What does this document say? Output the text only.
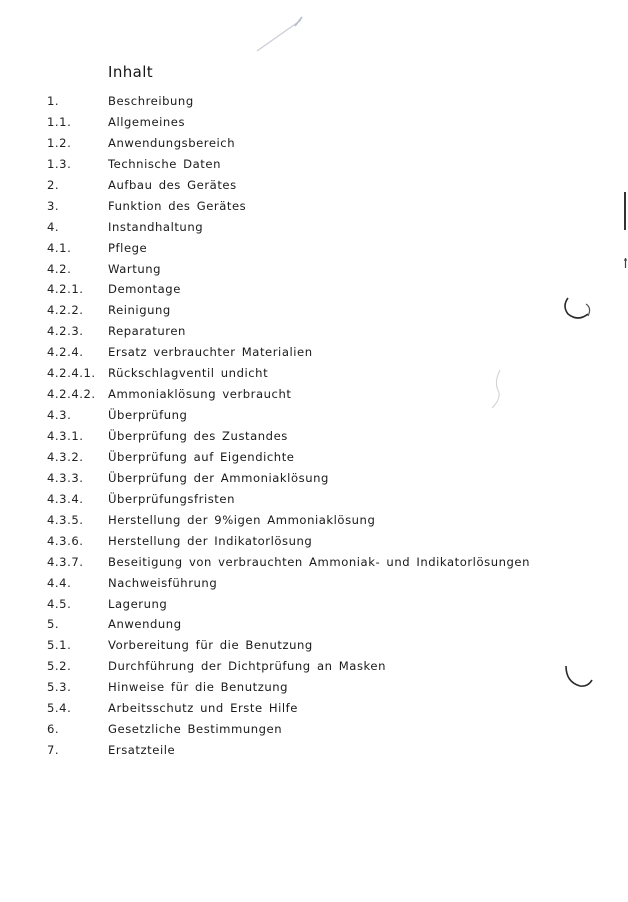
Inhalt
1.	Beschreibung
1.1.	Allgemeines
1.2.	Anwendungsbereich
1.3.	Technische Daten
2.	Aufbau des Gerätes
3.	Funktion des Gerätes
4.	Instandhaltung
4.1.	Pflege
4.2.	Wartung
4.2.1. Demontage
4.2.2. Reinigung
4.2.3. Reparaturen
4.2.4. Ersatz verbrauchter Materialien
4.2.4.1. Rückschlagventil undicht
4.2.4.2. Ammoniaklösung verbraucht
4.3.	Überprüfung
4.3.1. Überprüfung des Zustandes
4.3.2. Überprüfung auf Eigendichte
4.3.3. Überprüfung der Ammoniaklösung
4.3.4. Überprüfungsfristen
4.3.5. Herstellung der 9%igen Ammoniaklösung
4.3.6. Herstellung der Indikatorlösung
4.3.7. Beseitigung von verbrauchten Ammoniak- und Indikatorlösungen
4.4.	Nachweisführung
4.5.	Lagerung
5.	Anwendung
5.1.	Vorbereitung für die Benutzung
5.2.	Durchführung der Dichtprüfung an Masken
5.3.	Hinweise für die Benutzung
5.4.	Arbeitsschutz und Erste Hilfe
6.	Gesetzliche Bestimmungen
7.	Ersatzteile
